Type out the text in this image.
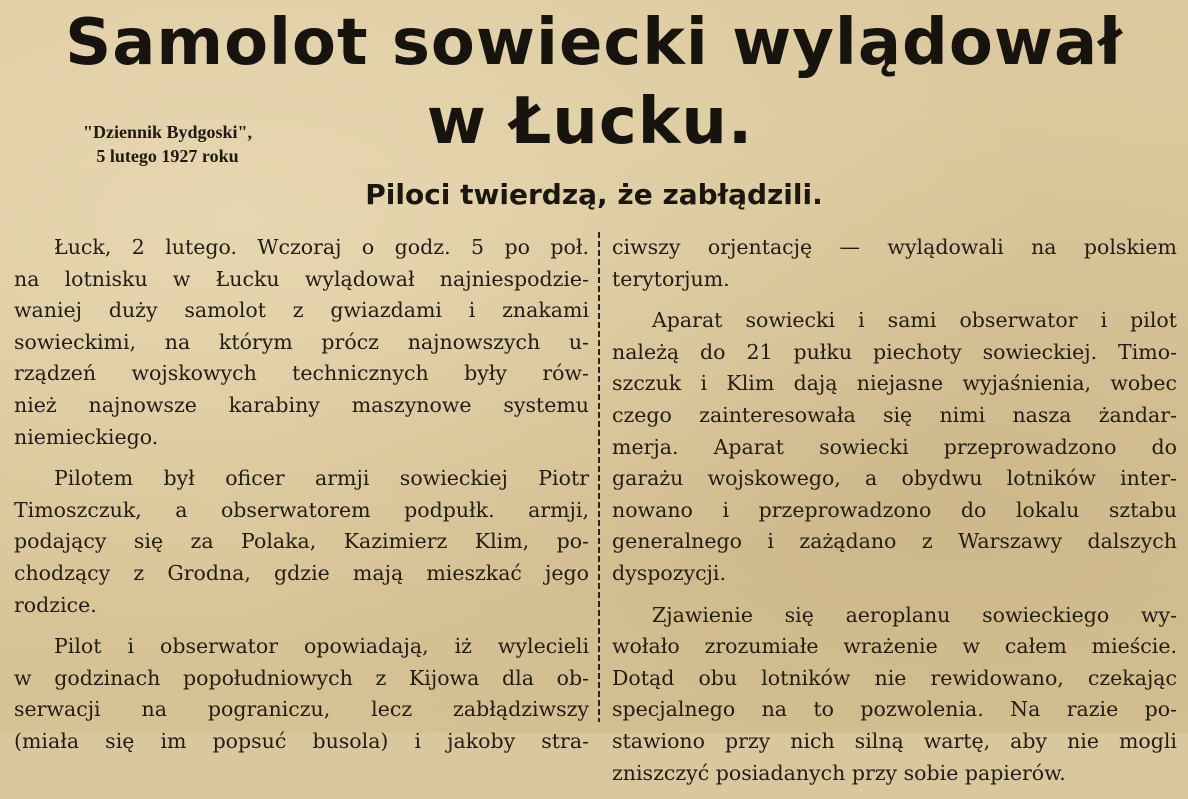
Samolot sowiecki wylądował
w Łucku.
"Dziennik Bydgoski",
5 lutego 1927 roku
Piloci twierdzą, że zabłądzili.

Łuck, 2 lutego. Wczoraj o godz. 5 po poł.
na lotnisku w Łucku wylądował najniespodzie-
waniej duży samolot z gwiazdami i znakami
sowieckimi, na którym prócz najnowszych u-
rządzeń wojskowych technicznych były rów-
nież najnowsze karabiny maszynowe systemu
niemieckiego.

Pilotem był oficer armji sowieckiej Piotr
Timoszczuk, a obserwatorem podpułk. armji,
podający się za Polaka, Kazimierz Klim, po-
chodzący z Grodna, gdzie mają mieszkać jego
rodzice.

Pilot i obserwator opowiadają, iż wylecieli
w godzinach popołudniowych z Kijowa dla ob-
serwacji na pograniczu, lecz zabłądziwszy
(miała się im popsuć busola) i jakoby stra-

ciwszy orjentację — wylądowali na polskiem
terytorjum.

Aparat sowiecki i sami obserwator i pilot
należą do 21 pułku piechoty sowieckiej. Timo-
szczuk i Klim dają niejasne wyjaśnienia, wobec
czego zainteresowała się nimi nasza żandar-
merja. Aparat sowiecki przeprowadzono do
garażu wojskowego, a obydwu lotników inter-
nowano i przeprowadzono do lokalu sztabu
generalnego i zażądano z Warszawy dalszych
dyspozycji.

Zjawienie się aeroplanu sowieckiego wy-
wołało zrozumiałe wrażenie w całem mieście.
Dotąd obu lotników nie rewidowano, czekając
specjalnego na to pozwolenia. Na razie po-
stawiono przy nich silną wartę, aby nie mogli
zniszczyć posiadanych przy sobie papierów.
